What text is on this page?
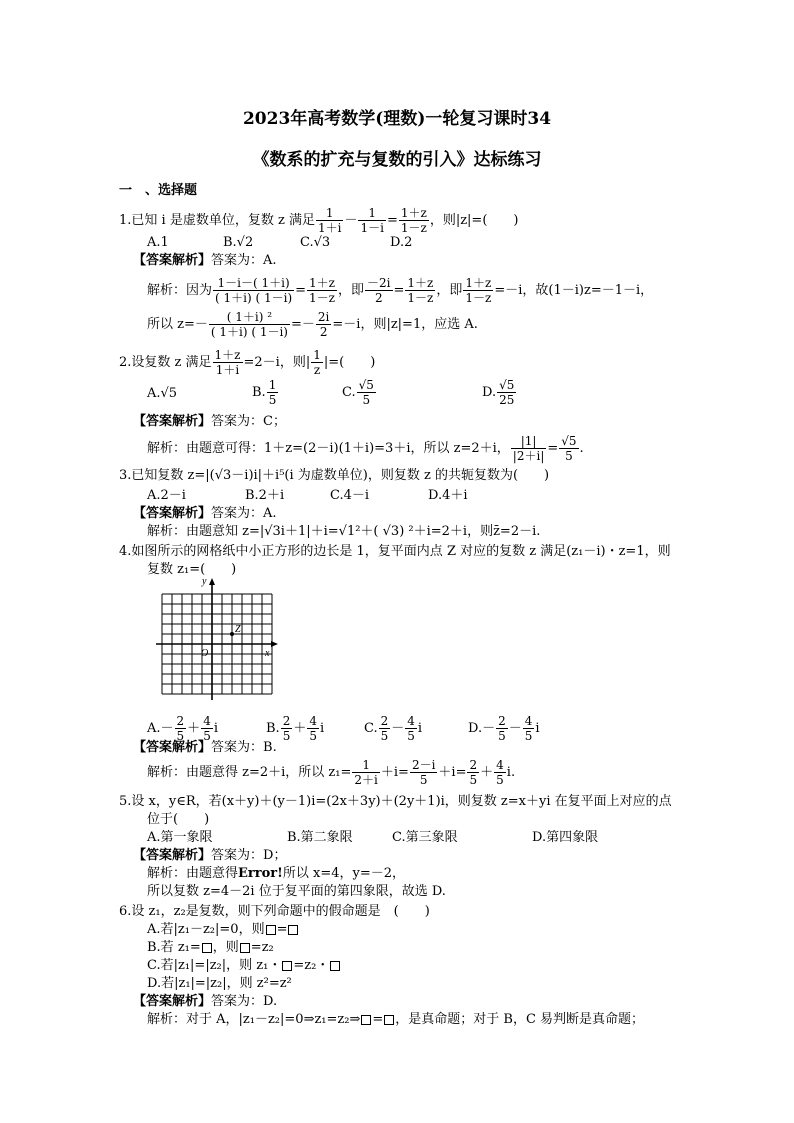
2023年高考数学(理数)一轮复习课时34
《数系的扩充与复数的引入》达标练习
一　、选择题
1.已知 i 是虚数单位，复数 z 满足 $\frac{1}{1+i} - \frac{1}{1-i} = \frac{1+z}{1-z}$ ，则|z|=(　　)
A.1	B.√2	C.√3	D.2
【答案解析】答案为：A.
解析：因为 $\frac{1-i-( 1+i)}{( 1+i) ( 1-i)} = \frac{1+z}{1-z}$ ，即 $\frac{-2i}{2} = \frac{1+z}{1-z}$ ，即 $\frac{1+z}{1-z} =-i$，故(1－i)z=－1－i，
所以 $z=- \frac{\text{( 1＋i) ²}}{( 1+i) ( 1-i)} =- \frac{2i}{2} =-i$，则|z|=1，应选 A.
2.设复数 z 满足 $\frac{1+z}{1+i} =2-i$，则| $\frac{1}{z}$ |=(　　)
A.√5	B. $\frac{1}{5}$	C. $\frac{√5}{5}$	D. $\frac{√5}{25}$
【答案解析】答案为：C；
解析：由题意可得：1＋z=(2－i)(1＋i)=3＋i，所以 z=2＋i， $\frac{|1|}{|2+i|} = \frac{√5}{5}$ .
3.已知复数 z=|(√3－i)i|＋i⁵(i 为虚数单位)，则复数 z 的共轭复数为(　　)
A.2－i	B.2＋i	C.4－i	D.4＋i
【答案解析】答案为：A.
解析：由题意知 z=|√3i＋1|＋i=√1²＋( √3) ²＋i=2＋i，则z̄=2－i.
4.如图所示的网格纸中小正方形的边长是 1，复平面内点 Z 对应的复数 z 满足(z₁－i)・z=1，则
复数 z₁=(　　)
y
x
O
Z
$A.- \frac{2}{5} + \frac{4}{5}$ i	B. $\frac{2}{5} + \frac{4}{5}$ i	C. $\frac{2}{5} - \frac{4}{5}$ i	$D.- \frac{2}{5} - \frac{4}{5}$ i
【答案解析】答案为：B.
解析：由题意得 z=2＋i，所以 $z_1= \frac{1}{2+i} +i= \frac{2-i}{5} +i= \frac{2}{5} + \frac{4}{5} i$.
5.设 x，y∈R，若(x＋y)＋(y－1)i=(2x＋3y)＋(2y＋1)i，则复数 z=x＋yi 在复平面上对应的点
位于(　　)
A.第一象限	B.第二象限	C.第三象限	D.第四象限
【答案解析】答案为：D；
解析：由题意得Error!所以 x=4，y=－2，
所以复数 z=4－2i 位于复平面的第四象限，故选 D.
6.设 z₁，z₂是复数，则下列命题中的假命题是　(　　)
A.若|z₁－z₂|=0，则 =
B.若 z₁= ，则 =z₂
C.若|z₁|=|z₂|，则 z₁・ =z₂・
D.若|z₁|=|z₂|，则 z²=z²
【答案解析】答案为：D.
解析：对于 A，|z₁－z₂|=0⇒z₁=z₂⇒ = ，是真命题；对于 B，C 易判断是真命题；
